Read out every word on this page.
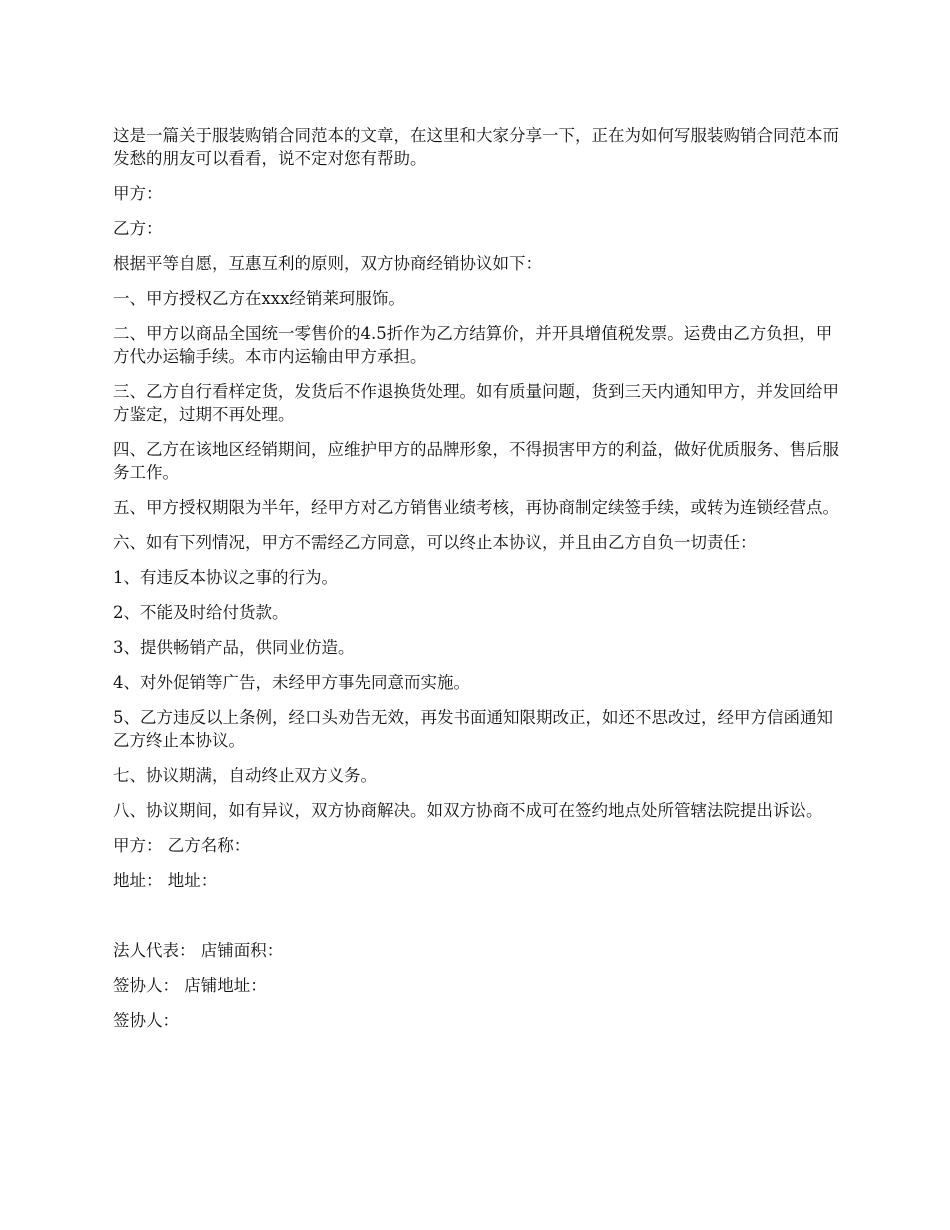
这是一篇关于服装购销合同范本的文章，在这里和大家分享一下，正在为如何写服装购销合同范本而发愁的朋友可以看看，说不定对您有帮助。

甲方：

乙方：

根据平等自愿，互惠互利的原则，双方协商经销协议如下：

一、甲方授权乙方在xxx经销莱珂服饰。

二、甲方以商品全国统一零售价的4.5折作为乙方结算价，并开具增值税发票。运费由乙方负担，甲方代办运输手续。本市内运输由甲方承担。

三、乙方自行看样定货，发货后不作退换货处理。如有质量问题，货到三天内通知甲方，并发回给甲方鉴定，过期不再处理。

四、乙方在该地区经销期间，应维护甲方的品牌形象，不得损害甲方的利益，做好优质服务、售后服务工作。

五、甲方授权期限为半年，经甲方对乙方销售业绩考核，再协商制定续签手续，或转为连锁经营点。

六、如有下列情况，甲方不需经乙方同意，可以终止本协议，并且由乙方自负一切责任：

1、有违反本协议之事的行为。

2、不能及时给付货款。

3、提供畅销产品，供同业仿造。

4、对外促销等广告，未经甲方事先同意而实施。

5、乙方违反以上条例，经口头劝告无效，再发书面通知限期改正，如还不思改过，经甲方信函通知乙方终止本协议。

七、协议期满，自动终止双方义务。

八、协议期间，如有异议，双方协商解决。如双方协商不成可在签约地点处所管辖法院提出诉讼。

甲方： 乙方名称：

地址： 地址：

法人代表： 店铺面积：

签协人： 店铺地址：

签协人：
